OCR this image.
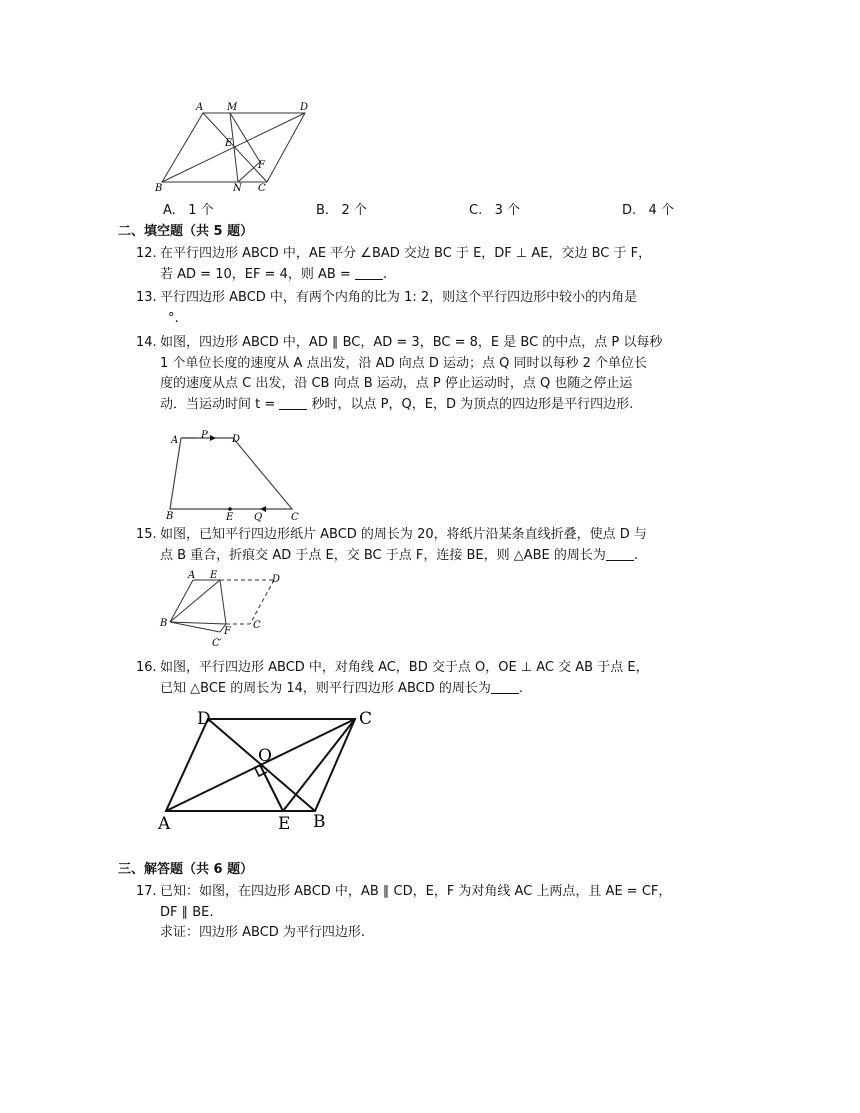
A M	D
E
F
B	N C
A.   1 个	B.   2 个	C.   3 个	D.   4 个
二、填空题（共 5 题）
12. 在平行四边形 ABCD 中，AE 平分 ∠BAD 交边 BC 于 E，DF ⊥ AE，交边 BC 于 F，
若 AD = 10，EF = 4，则 AB = .
13. 平行四边形 ABCD 中，有两个内角的比为 1: 2，则这个平行四边形中较小的内角是
°.
14. 如图，四边形 ABCD 中，AD ∥ BC，AD = 3，BC = 8，E 是 BC 的中点，点 P 以每秒
1 个单位长度的速度从 A 点出发，沿 AD 向点 D 运动；点 Q 同时以每秒 2 个单位长
度的速度从点 C 出发，沿 CB 向点 B 运动，点 P 停止运动时，点 Q 也随之停止运
动．当运动时间 t =  秒时，以点 P，Q，E，D 为顶点的四边形是平行四边形.
A P D
B	E Q	C
15. 如图，已知平行四边形纸片 ABCD 的周长为 20，将纸片沿某条直线折叠，使点 D 与
点 B 重合，折痕交 AD 于点 E，交 BC 于点 F，连接 BE，则 △ABE 的周长为 .
A E	D
B
F
C
C′
16. 如图，平行四边形 ABCD 中，对角线 AC，BD 交于点 O，OE ⊥ AC 交 AB 于点 E，
已知 △BCE 的周长为 14，则平行四边形 ABCD 的周长为 .
D	C
O
A	E B
三、解答题（共 6 题）
17. 已知：如图，在四边形 ABCD 中，AB ∥ CD，E，F 为对角线 AC 上两点，且 AE = CF，
DF ∥ BE.
求证：四边形 ABCD 为平行四边形.
